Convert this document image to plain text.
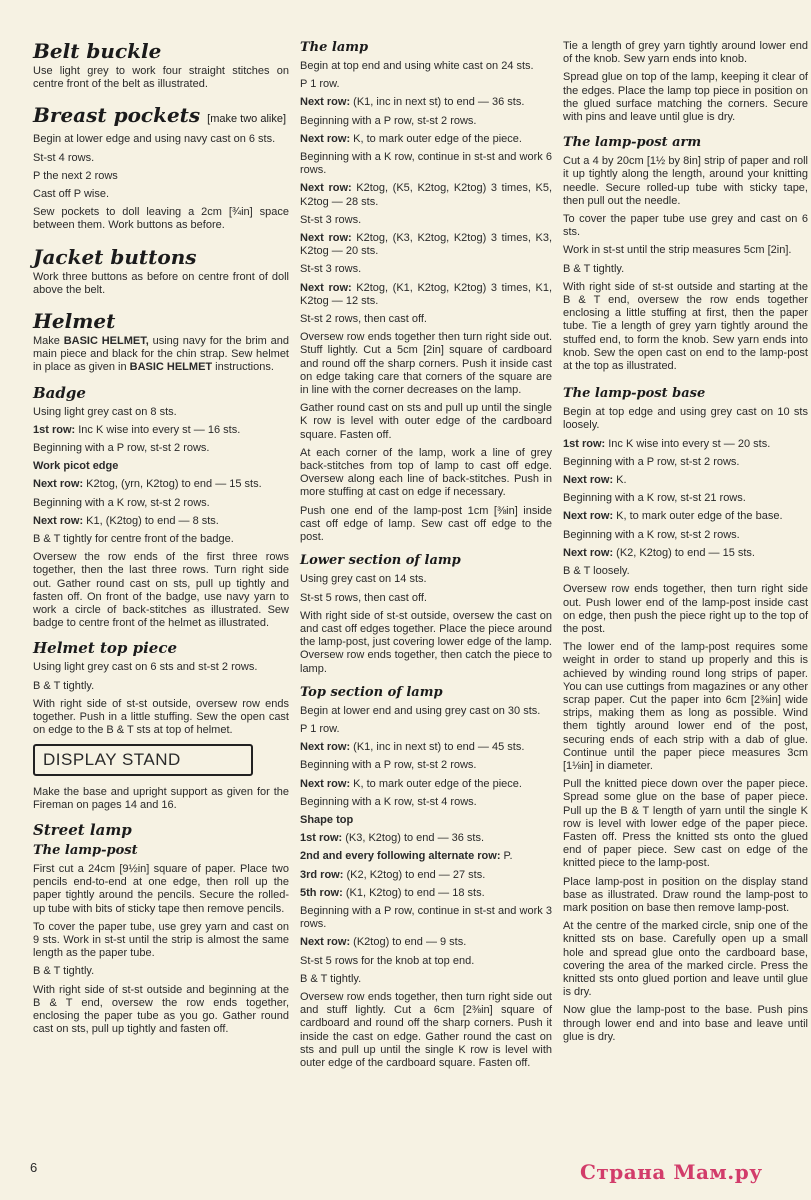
Belt buckle

Use light grey to work four straight stitches on centre front of the belt as illustrated.

Breast pockets [make two alike]

Begin at lower edge and using navy cast on 6 sts.

St-st 4 rows.

P the next 2 rows

Cast off P wise.

Sew pockets to doll leaving a 2cm [¾in] space between them. Work buttons as before.

Jacket buttons

Work three buttons as before on centre front of doll above the belt.

Helmet

Make BASIC HELMET, using navy for the brim and main piece and black for the chin strap. Sew helmet in place as given in BASIC HELMET instructions.

Badge

Using light grey cast on 8 sts.

1st row: Inc K wise into every st — 16 sts.

Beginning with a P row, st-st 2 rows.

Work picot edge

Next row: K2tog, (yrn, K2tog) to end — 15 sts.

Beginning with a K row, st-st 2 rows.

Next row: K1, (K2tog) to end — 8 sts.

B & T tightly for centre front of the badge.

Oversew the row ends of the first three rows together, then the last three rows. Turn right side out. Gather round cast on sts, pull up tightly and fasten off. On front of the badge, use navy yarn to work a circle of back-stitches as illustrated. Sew badge to centre front of the helmet as illustrated.

Helmet top piece

Using light grey cast on 6 sts and st-st 2 rows.

B & T tightly.

With right side of st-st outside, oversew row ends together. Push in a little stuffing. Sew the open cast on edge to the B & T sts at top of helmet.

DISPLAY STAND

Make the base and upright support as given for the Fireman on pages 14 and 16.

Street lamp
The lamp-post

First cut a 24cm [9½in] square of paper. Place two pencils end-to-end at one edge, then roll up the paper tightly around the pencils. Secure the rolled-up tube with bits of sticky tape then remove pencils.

To cover the paper tube, use grey yarn and cast on 9 sts. Work in st-st until the strip is almost the same length as the paper tube.

B & T tightly.

With right side of st-st outside and beginning at the B & T end, oversew the row ends together, enclosing the paper tube as you go. Gather round cast on sts, pull up tightly and fasten off.

The lamp

Begin at top end and using white cast on 24 sts.

P 1 row.

Next row: (K1, inc in next st) to end — 36 sts.

Beginning with a P row, st-st 2 rows.

Next row: K, to mark outer edge of the piece.

Beginning with a K row, continue in st-st and work 6 rows.

Next row: K2tog, (K5, K2tog, K2tog) 3 times, K5, K2tog — 28 sts.

St-st 3 rows.

Next row: K2tog, (K3, K2tog, K2tog) 3 times, K3, K2tog — 20 sts.

St-st 3 rows.

Next row: K2tog, (K1, K2tog, K2tog) 3 times, K1, K2tog — 12 sts.

St-st 2 rows, then cast off.

Oversew row ends together then turn right side out. Stuff lightly. Cut a 5cm [2in] square of cardboard and round off the sharp corners. Push it inside cast on edge taking care that corners of the square are in line with the corner decreases on the lamp.

Gather round cast on sts and pull up until the single K row is level with outer edge of the cardboard square. Fasten off.

At each corner of the lamp, work a line of grey back-stitches from top of lamp to cast off edge. Oversew along each line of back-stitches. Push in more stuffing at cast on edge if necessary.

Push one end of the lamp-post 1cm [⅜in] inside cast off edge of lamp. Sew cast off edge to the post.

Lower section of lamp

Using grey cast on 14 sts.

St-st 5 rows, then cast off.

With right side of st-st outside, oversew the cast on and cast off edges together. Place the piece around the lamp-post, just covering lower edge of the lamp. Oversew row ends together, then catch the piece to lamp.

Top section of lamp

Begin at lower end and using grey cast on 30 sts.

P 1 row.

Next row: (K1, inc in next st) to end — 45 sts.

Beginning with a P row, st-st 2 rows.

Next row: K, to mark outer edge of the piece.

Beginning with a K row, st-st 4 rows.

Shape top

1st row: (K3, K2tog) to end — 36 sts.

2nd and every following alternate row: P.

3rd row: (K2, K2tog) to end — 27 sts.

5th row: (K1, K2tog) to end — 18 sts.

Beginning with a P row, continue in st-st and work 3 rows.

Next row: (K2tog) to end — 9 sts.

St-st 5 rows for the knob at top end.

B & T tightly.

Oversew row ends together, then turn right side out and stuff lightly. Cut a 6cm [2⅜in] square of cardboard and round off the sharp corners. Push it inside the cast on edge. Gather round the cast on sts and pull up until the single K row is level with outer edge of the cardboard square. Fasten off.

Tie a length of grey yarn tightly around lower end of the knob. Sew yarn ends into knob.

Spread glue on top of the lamp, keeping it clear of the edges. Place the lamp top piece in position on the glued surface matching the corners. Secure with pins and leave until glue is dry.

The lamp-post arm

Cut a 4 by 20cm [1½ by 8in] strip of paper and roll it up tightly along the length, around your knitting needle. Secure rolled-up tube with sticky tape, then pull out the needle.

To cover the paper tube use grey and cast on 6 sts.

Work in st-st until the strip measures 5cm [2in].

B & T tightly.

With right side of st-st outside and starting at the B & T end, oversew the row ends together enclosing a little stuffing at first, then the paper tube. Tie a length of grey yarn tightly around the stuffed end, to form the knob. Sew yarn ends into knob. Sew the open cast on end to the lamp-post at the top as illustrated.

The lamp-post base

Begin at top edge and using grey cast on 10 sts loosely.

1st row: Inc K wise into every st — 20 sts.

Beginning with a P row, st-st 2 rows.

Next row: K.

Beginning with a K row, st-st 21 rows.

Next row: K, to mark outer edge of the base.

Beginning with a K row, st-st 2 rows.

Next row: (K2, K2tog) to end — 15 sts.

B & T loosely.

Oversew row ends together, then turn right side out. Push lower end of the lamp-post inside cast on edge, then push the piece right up to the top of the post.

The lower end of the lamp-post requires some weight in order to stand up properly and this is achieved by winding round long strips of paper. You can use cuttings from magazines or any other scrap paper. Cut the paper into 6cm [2⅜in] wide strips, making them as long as possible. Wind them tightly around lower end of the post, securing ends of each strip with a dab of glue. Continue until the paper piece measures 3cm [1⅛in] in diameter.

Pull the knitted piece down over the paper piece. Spread some glue on the base of paper piece. Pull up the B & T length of yarn until the single K row is level with lower edge of the paper piece. Fasten off. Press the knitted sts onto the glued end of paper piece. Sew cast on edge of the knitted piece to the lamp-post.

Place lamp-post in position on the display stand base as illustrated. Draw round the lamp-post to mark position on base then remove lamp-post.

At the centre of the marked circle, snip one of the knitted sts on base. Carefully open up a small hole and spread glue onto the cardboard base, covering the area of the marked circle. Press the knitted sts onto glued portion and leave until glue is dry.

Now glue the lamp-post to the base. Push pins through lower end and into base and leave until glue is dry.

6	Страна Мам.ру
